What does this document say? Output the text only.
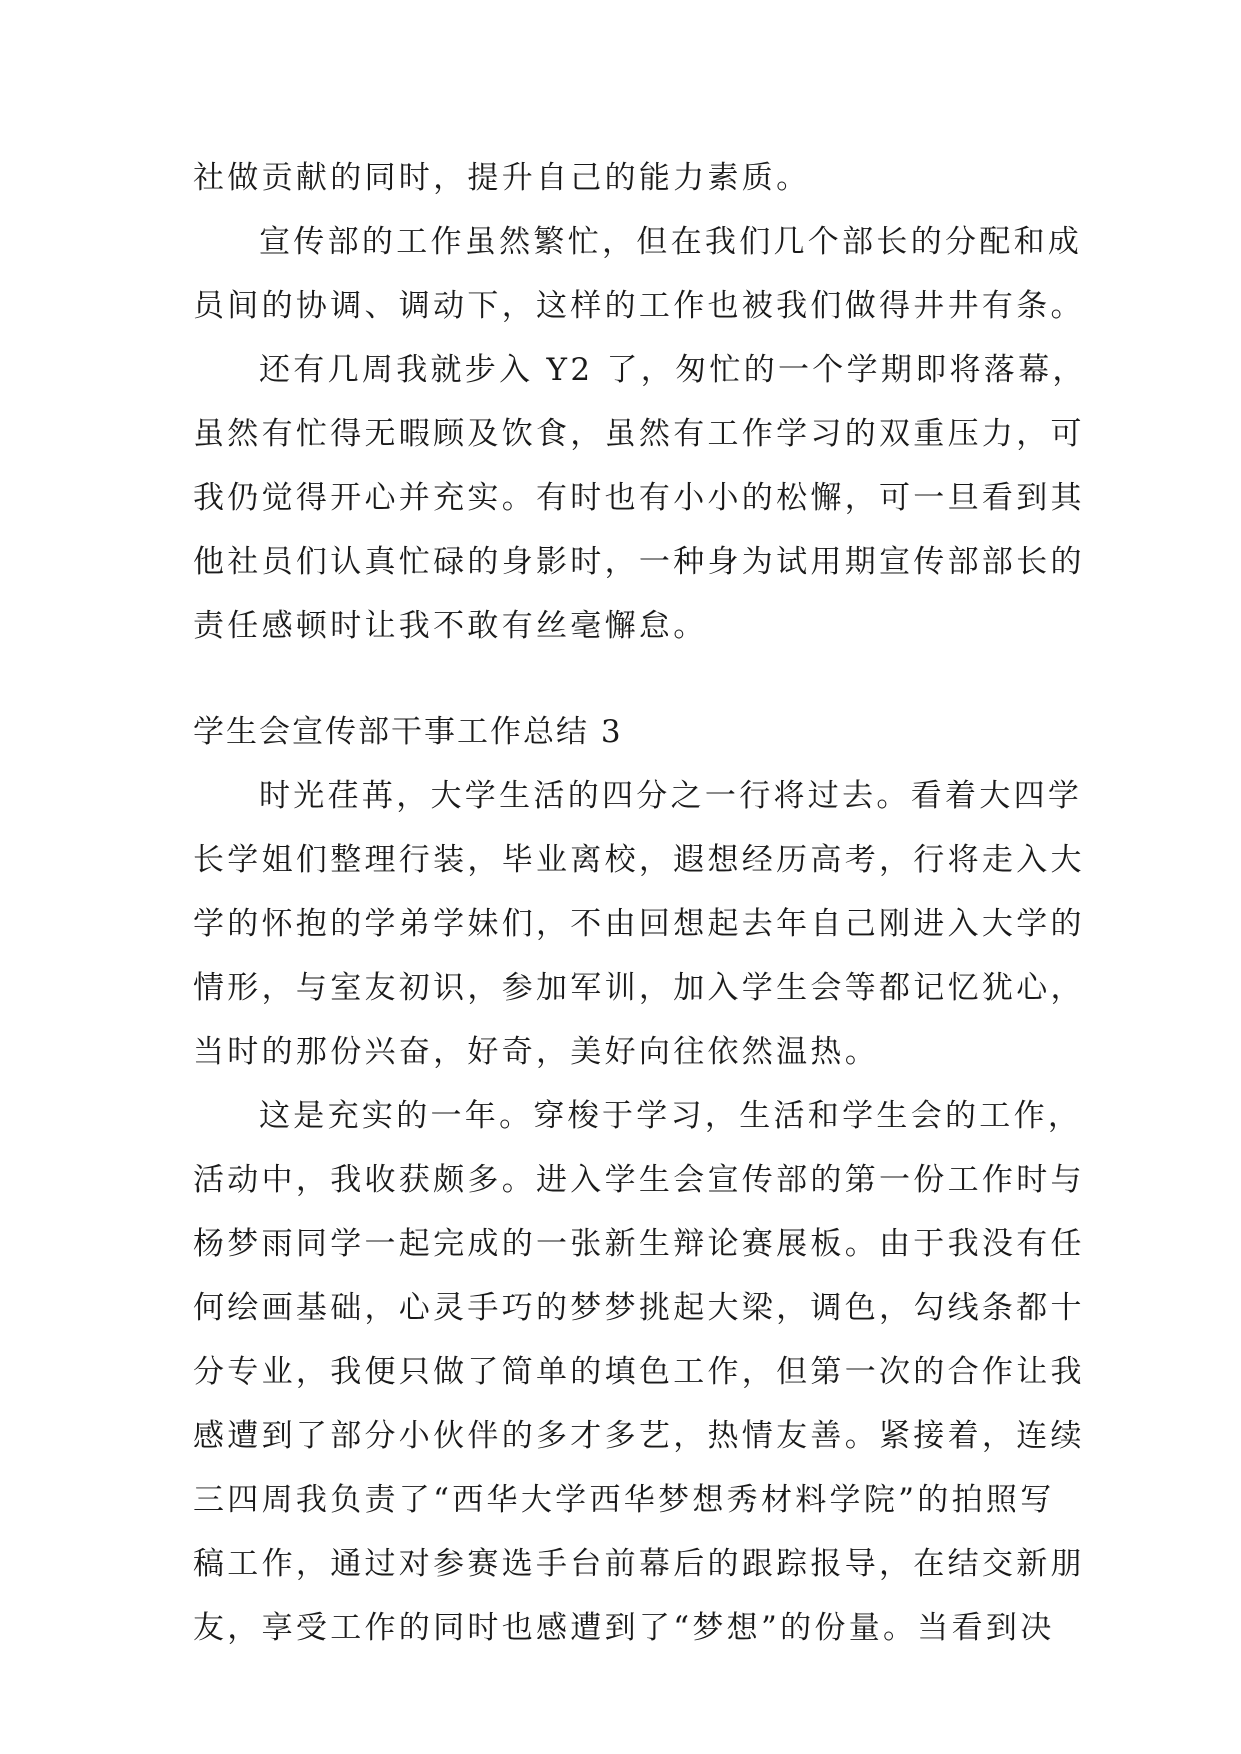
社做贡献的同时，提升自己的能力素质。
宣传部的工作虽然繁忙，但在我们几个部长的分配和成
员间的协调、调动下，这样的工作也被我们做得井井有条。
还有几周我就步入 Y2 了，匆忙的一个学期即将落幕，
虽然有忙得无暇顾及饮食，虽然有工作学习的双重压力，可
我仍觉得开心并充实。有时也有小小的松懈，可一旦看到其
他社员们认真忙碌的身影时，一种身为试用期宣传部部长的
责任感顿时让我不敢有丝毫懈怠。
学生会宣传部干事工作总结 3
时光荏苒，大学生活的四分之一行将过去。看着大四学
长学姐们整理行装，毕业离校，遐想经历高考，行将走入大
学的怀抱的学弟学妹们，不由回想起去年自己刚进入大学的
情形，与室友初识，参加军训，加入学生会等都记忆犹心，
当时的那份兴奋，好奇，美好向往依然温热。
这是充实的一年。穿梭于学习，生活和学生会的工作，
活动中，我收获颇多。进入学生会宣传部的第一份工作时与
杨梦雨同学一起完成的一张新生辩论赛展板。由于我没有任
何绘画基础，心灵手巧的梦梦挑起大梁，调色，勾线条都十
分专业，我便只做了简单的填色工作，但第一次的合作让我
感遭到了部分小伙伴的多才多艺，热情友善。紧接着，连续
三四周我负责了“西华大学西华梦想秀材料学院”的拍照写
稿工作，通过对参赛选手台前幕后的跟踪报导，在结交新朋
友，享受工作的同时也感遭到了“梦想”的份量。当看到决
